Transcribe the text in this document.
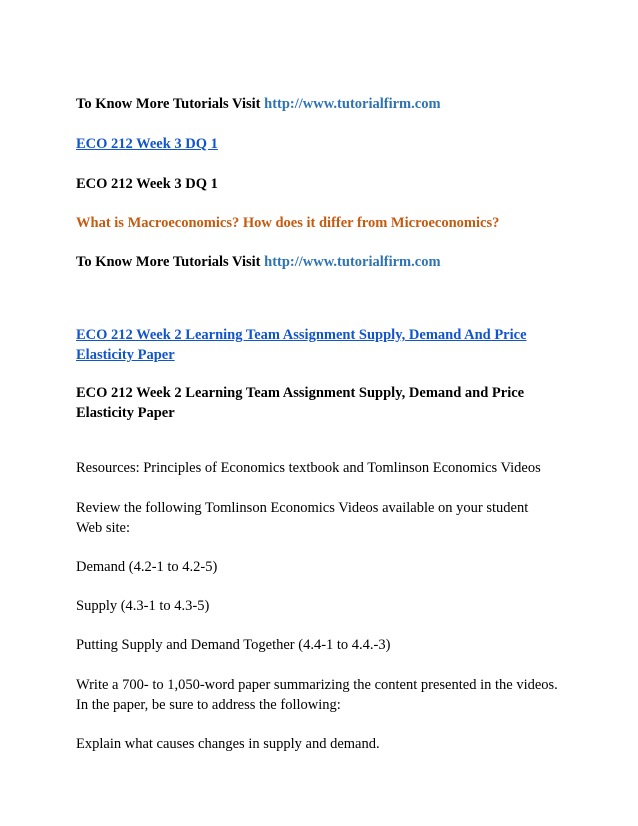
To Know More Tutorials Visit http://www.tutorialfirm.com
ECO 212 Week 3 DQ 1
ECO 212 Week 3 DQ 1
What is Macroeconomics? How does it differ from Microeconomics?
To Know More Tutorials Visit http://www.tutorialfirm.com
ECO 212 Week 2 Learning Team Assignment Supply, Demand And Price
Elasticity Paper
ECO 212 Week 2 Learning Team Assignment Supply, Demand and Price
Elasticity Paper
Resources: Principles of Economics textbook and Tomlinson Economics Videos
Review the following Tomlinson Economics Videos available on your student
Web site:
Demand (4.2-1 to 4.2-5)
Supply (4.3-1 to 4.3-5)
Putting Supply and Demand Together (4.4-1 to 4.4.-3)
Write a 700- to 1,050-word paper summarizing the content presented in the videos.
In the paper, be sure to address the following:
Explain what causes changes in supply and demand.
